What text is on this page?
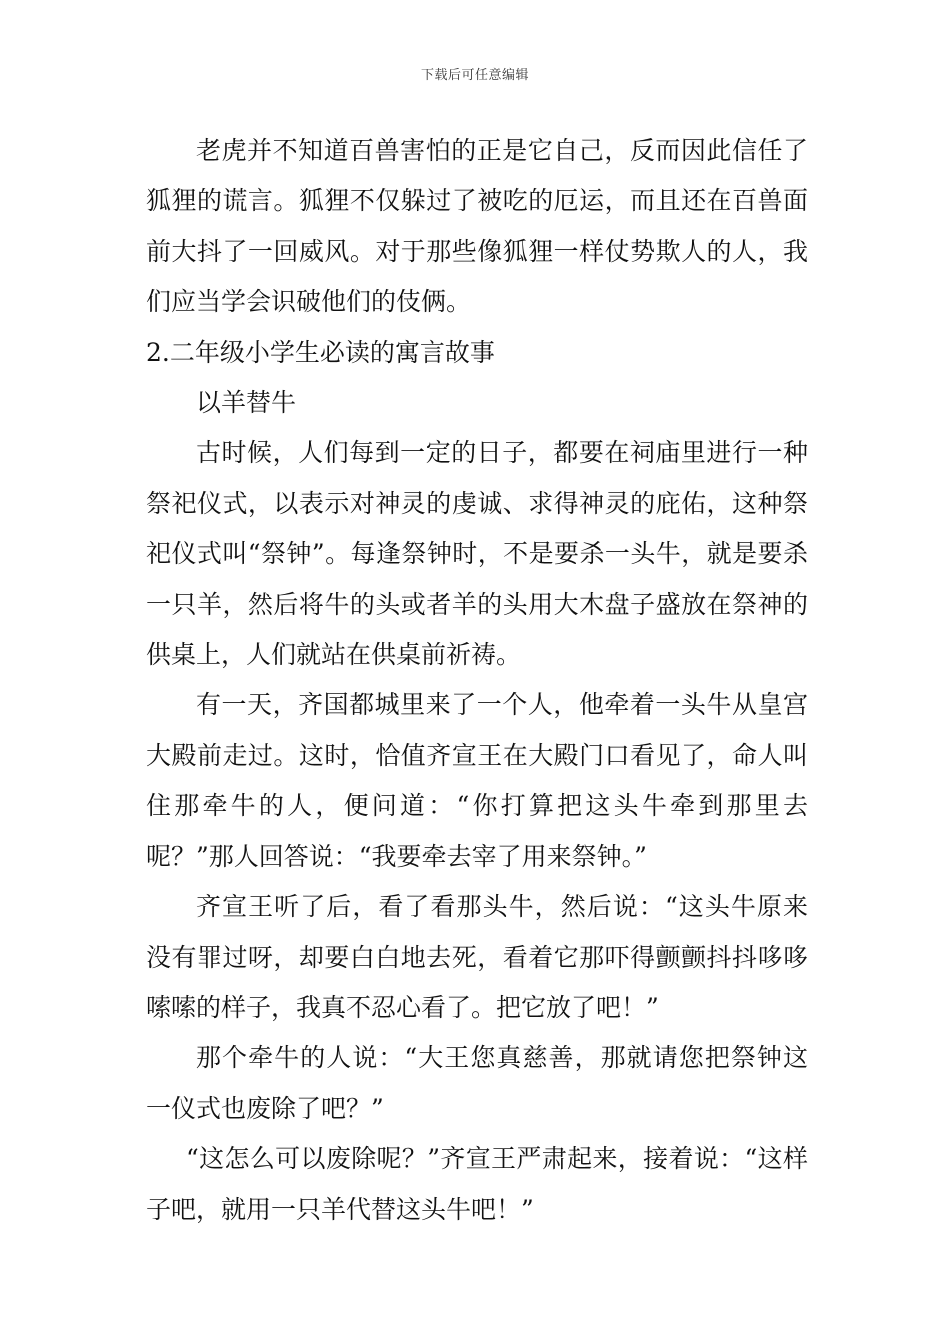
下载后可任意编辑

老虎并不知道百兽害怕的正是它自己，反而因此信任了狐狸的谎言。狐狸不仅躲过了被吃的厄运，而且还在百兽面前大抖了一回威风。对于那些像狐狸一样仗势欺人的人，我们应当学会识破他们的伎俩。

2.二年级小学生必读的寓言故事

以羊替牛

古时候，人们每到一定的日子，都要在祠庙里进行一种祭祀仪式，以表示对神灵的虔诚、求得神灵的庇佑，这种祭祀仪式叫“祭钟”。每逢祭钟时，不是要杀一头牛，就是要杀一只羊，然后将牛的头或者羊的头用大木盘子盛放在祭神的供桌上，人们就站在供桌前祈祷。

有一天，齐国都城里来了一个人，他牵着一头牛从皇宫大殿前走过。这时，恰值齐宣王在大殿门口看见了，命人叫住那牵牛的人，便问道：“你打算把这头牛牵到那里去呢？”那人回答说：“我要牵去宰了用来祭钟。”

齐宣王听了后，看了看那头牛，然后说：“这头牛原来没有罪过呀，却要白白地去死，看着它那吓得颤颤抖抖哆哆嗦嗦的样子，我真不忍心看了。把它放了吧！”

那个牵牛的人说：“大王您真慈善，那就请您把祭钟这一仪式也废除了吧？”

“这怎么可以废除呢？”齐宣王严肃起来，接着说：“这样子吧，就用一只羊代替这头牛吧！”
